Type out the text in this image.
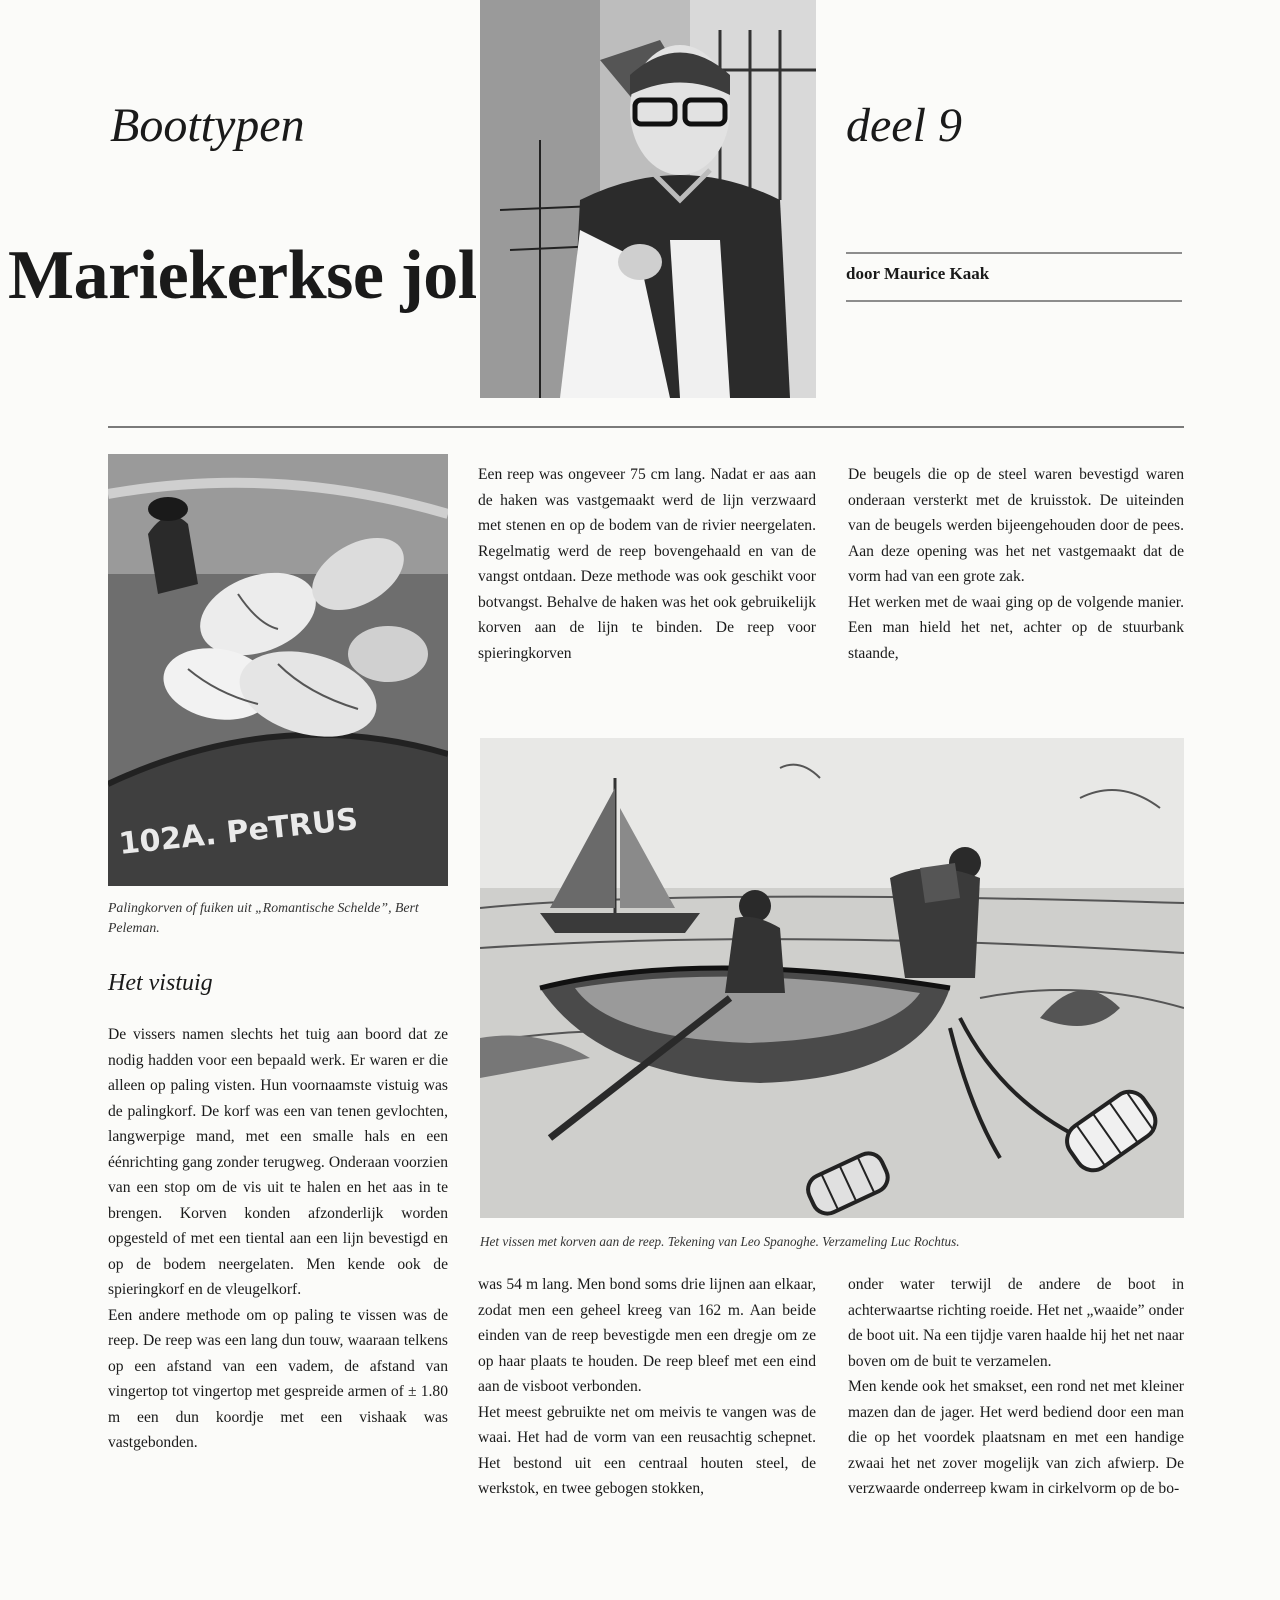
Boottypen	deel 9
Mariekerkse jol	door Maurice Kaak
102A. PeTRUS
Palingkorven of fuiken uit „Romantische Schelde”, Bert Peleman.
Het vistuig

De vissers namen slechts het tuig aan boord dat ze nodig hadden voor een bepaald werk. Er waren er die alleen op paling visten. Hun voornaamste vistuig was de palingkorf. De korf was een van tenen gevlochten, langwerpige mand, met een smalle hals en een éénrichting gang zonder terugweg. Onderaan voorzien van een stop om de vis uit te halen en het aas in te brengen. Korven konden afzonderlijk worden opgesteld of met een tiental aan een lijn bevestigd en op de bodem neergelaten. Men kende ook de spieringkorf en de vleugelkorf.

Een andere methode om op paling te vissen was de reep. De reep was een lang dun touw, waaraan telkens op een afstand van een vadem, de afstand van vingertop tot vingertop met gespreide armen of ± 1.80 m een dun koordje met een vishaak was vastgebonden.

Een reep was ongeveer 75 cm lang. Nadat er aas aan de haken was vastgemaakt werd de lijn verzwaard met stenen en op de bodem van de rivier neergelaten. Regelmatig werd de reep bovengehaald en van de vangst ontdaan. Deze methode was ook geschikt voor botvangst. Behalve de haken was het ook gebruikelijk korven aan de lijn te binden. De reep voor spieringkorven

De beugels die op de steel waren bevestigd waren onderaan versterkt met de kruisstok. De uiteinden van de beugels werden bijeengehouden door de pees. Aan deze opening was het net vastgemaakt dat de vorm had van een grote zak.

Het werken met de waai ging op de volgende manier. Een man hield het net, achter op de stuurbank staande,

Het vissen met korven aan de reep. Tekening van Leo Spanoghe. Verzameling Luc Rochtus.

was 54 m lang. Men bond soms drie lijnen aan elkaar, zodat men een geheel kreeg van 162 m. Aan beide einden van de reep bevestigde men een dregje om ze op haar plaats te houden. De reep bleef met een eind aan de visboot verbonden.

Het meest gebruikte net om meivis te vangen was de waai. Het had de vorm van een reusachtig schepnet. Het bestond uit een centraal houten steel, de werkstok, en twee gebogen stokken,

onder water terwijl de andere de boot in achterwaartse richting roeide. Het net „waaide” onder de boot uit. Na een tijdje varen haalde hij het net naar boven om de buit te verzamelen.

Men kende ook het smakset, een rond net met kleiner mazen dan de jager. Het werd bediend door een man die op het voordek plaatsnam en met een handige zwaai het net zover mogelijk van zich afwierp. De verzwaarde onderreep kwam in cirkelvorm op de bo-
